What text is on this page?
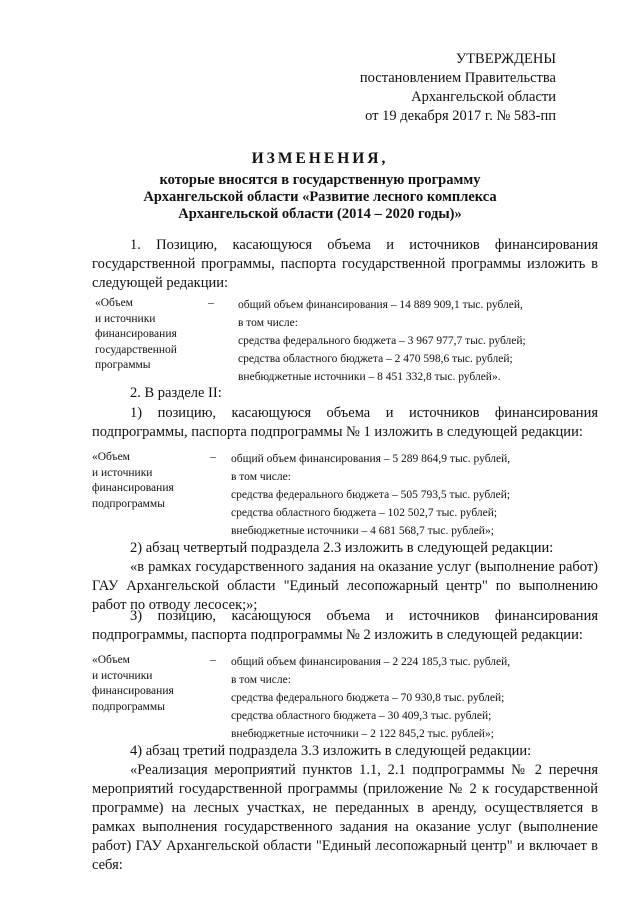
УТВЕРЖДЕНЫ
постановлением Правительства
Архангельской области
от 19 декабря 2017 г. № 583-пп
ИЗМЕНЕНИЯ,
которые вносятся в государственную программу
Архангельской области «Развитие лесного комплекса
Архангельской области (2014 – 2020 годы)»
1. Позицию, касающуюся объема и источников финансирования государственной программы, паспорта государственной программы изложить в следующей редакции:
«Объем
и источники
финансирования
государственной
программы
– общий объем финансирования – 14 889 909,1 тыс. рублей,
в том числе:
средства федерального бюджета – 3 967 977,7 тыс. рублей;
средства областного бюджета – 2 470 598,6 тыс. рублей;
внебюджетные источники – 8 451 332,8 тыс. рублей».
2. В разделе II:
1) позицию, касающуюся объема и источников финансирования подпрограммы, паспорта подпрограммы № 1 изложить в следующей редакции:
«Объем
и источники
финансирования
подпрограммы
– общий объем финансирования – 5 289 864,9 тыс. рублей,
в том числе:
средства федерального бюджета – 505 793,5 тыс. рублей;
средства областного бюджета – 102 502,7 тыс. рублей;
внебюджетные источники – 4 681 568,7 тыс. рублей»;
2) абзац четвертый подраздела 2.3 изложить в следующей редакции:
«в рамках государственного задания на оказание услуг (выполнение работ) ГАУ Архангельской области "Единый лесопожарный центр" по выполнению работ по отводу лесосек;»;
3) позицию, касающуюся объема и источников финансирования подпрограммы, паспорта подпрограммы № 2 изложить в следующей редакции:
«Объем
и источники
финансирования
подпрограммы
– общий объем финансирования – 2 224 185,3 тыс. рублей,
в том числе:
средства федерального бюджета – 70 930,8 тыс. рублей;
средства областного бюджета – 30 409,3 тыс. рублей;
внебюджетные источники – 2 122 845,2 тыс. рублей»;
4) абзац третий подраздела 3.3 изложить в следующей редакции:
«Реализация мероприятий пунктов 1.1, 2.1 подпрограммы № 2 перечня мероприятий государственной программы (приложение № 2 к государственной программе) на лесных участках, не переданных в аренду, осуществляется в рамках выполнения государственного задания на оказание услуг (выполнение работ) ГАУ Архангельской области "Единый лесопожарный центр" и включает в себя:
